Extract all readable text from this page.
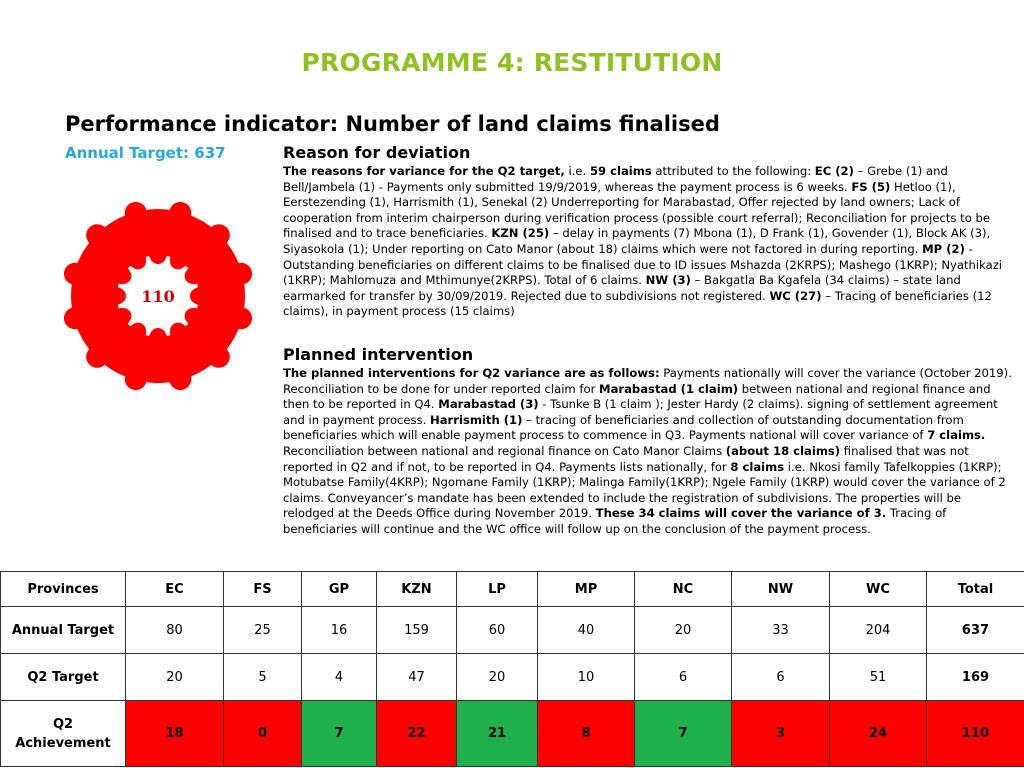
PROGRAMME 4: RESTITUTION
Performance indicator: Number of land claims finalised
Annual Target: 637
110
Reason for deviation

The reasons for variance for the Q2 target, i.e. 59 claims attributed to the following: EC (2) – Grebe (1) and Bell/Jambela (1) - Payments only submitted 19/9/2019, whereas the payment process is 6 weeks. FS (5) Hetloo (1), Eerstezending (1), Harrismith (1), Senekal (2) Underreporting for Marabastad, Offer rejected by land owners; Lack of cooperation from interim chairperson during verification process (possible court referral); Reconciliation for projects to be finalised and to trace beneficiaries. KZN (25) – delay in payments (7) Mbona (1), D Frank (1), Govender (1), Block AK (3), Siyasokola (1); Under reporting on Cato Manor (about 18) claims which were not factored in during reporting. MP (2) - Outstanding beneficiaries on different claims to be finalised due to ID issues Mshazda (2KRPS); Mashego (1KRP); Nyathikazi (1KRP); Mahlomuza and Mthimunye(2KRPS). Total of 6 claims. NW (3) – Bakgatla Ba Kgafela (34 claims) – state land earmarked for transfer by 30/09/2019. Rejected due to subdivisions not registered. WC (27) – Tracing of beneficiaries (12 claims), in payment process (15 claims)

Planned intervention

The planned interventions for Q2 variance are as follows: Payments nationally will cover the variance (October 2019). Reconciliation to be done for under reported claim for Marabastad (1 claim) between national and regional finance and then to be reported in Q4. Marabastad (3) - Tsunke B (1 claim ); Jester Hardy (2 claims). signing of settlement agreement and in payment process. Harrismith (1) – tracing of beneficiaries and collection of outstanding documentation from beneficiaries which will enable payment process to commence in Q3. Payments national will cover variance of 7 claims. Reconciliation between national and regional finance on Cato Manor Claims (about 18 claims) finalised that was not reported in Q2 and if not, to be reported in Q4. Payments lists nationally, for 8 claims i.e. Nkosi family Tafelkoppies (1KRP); Motubatse Family(4KRP); Ngomane Family (1KRP); Malinga Family(1KRP); Ngele Family (1KRP) would cover the variance of 2 claims. Conveyancer’s mandate has been extended to include the registration of subdivisions. The properties will be relodged at the Deeds Office during November 2019. These 34 claims will cover the variance of 3. Tracing of beneficiaries will continue and the WC office will follow up on the conclusion of the payment process.

Provinces	EC	FS	GP	KZN	LP	MP	NC	NW	WC	Total
Annual Target	80	25	16	159	60	40	20	33	204	637
Q2 Target	20	5	4	47	20	10	6	6	51	169
Q2
Achievement	18	0	7	22	21	8	7	3	24	110
